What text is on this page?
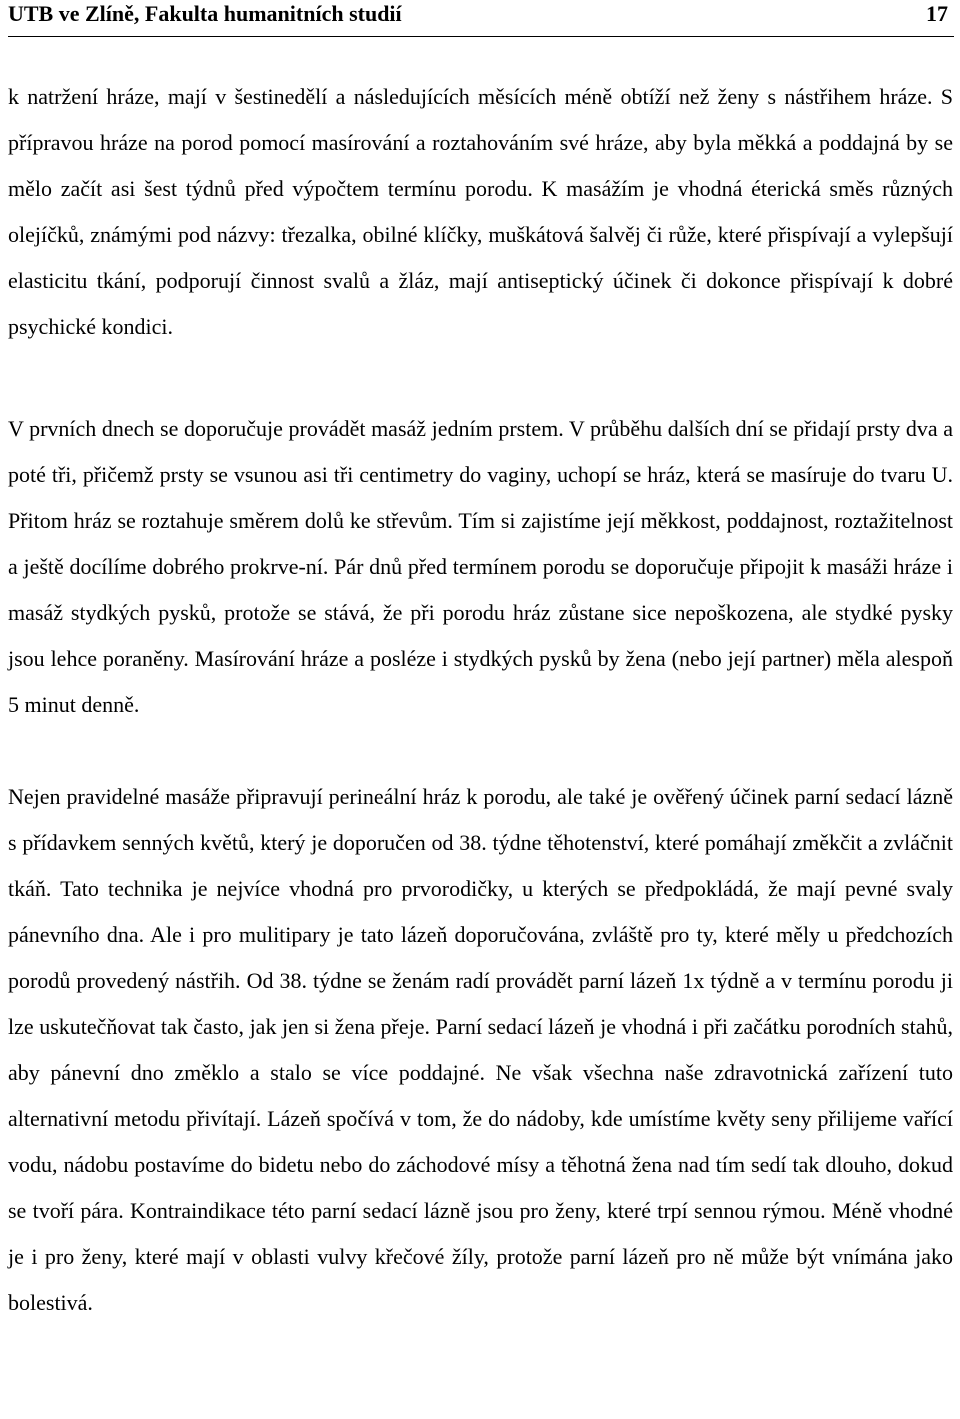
UTB ve Zlíně, Fakulta humanitních studií	17

k natržení hráze, mají v šestinedělí a následujících měsících méně obtíží než ženy s nástřihem hráze. S přípravou hráze na porod pomocí masírování a roztahováním své hráze, aby byla měkká a poddajná by se mělo začít asi šest týdnů před výpočtem termínu porodu. K masážím je vhodná éterická směs různých olejíčků, známými pod názvy: třezalka, obilné klíčky, muškátová šalvěj či růže, které přispívají a vylepšují elasticitu tkání, podporují činnost svalů a žláz, mají antiseptický účinek či dokonce přispívají k dobré psychické kondici.

V prvních dnech se doporučuje provádět masáž jedním prstem. V průběhu dalších dní se přidají prsty dva a poté tři, přičemž prsty se vsunou asi tři centimetry do vaginy, uchopí se hráz, která se masíruje do tvaru U. Přitom hráz se roztahuje směrem dolů ke střevům. Tím si zajistíme její měkkost, poddajnost, roztažitelnost a ještě docílíme dobrého prokrve-ní. Pár dnů před termínem porodu se doporučuje připojit k masáži hráze i masáž stydkých pysků, protože se stává, že při porodu hráz zůstane sice nepoškozena, ale stydké pysky jsou lehce poraněny. Masírování hráze a posléze i stydkých pysků by žena (nebo její partner) měla alespoň 5 minut denně.

Nejen pravidelné masáže připravují perineální hráz k porodu, ale také je ověřený účinek parní sedací lázně s přídavkem senných květů, který je doporučen od 38. týdne těhotenství, které pomáhají změkčit a zvláčnit tkáň. Tato technika je nejvíce vhodná pro prvorodičky, u kterých se předpokládá, že mají pevné svaly pánevního dna. Ale i pro mulitipary je tato lázeň doporučována, zvláště pro ty, které měly u předchozích porodů provedený nástřih. Od 38. týdne se ženám radí provádět parní lázeň 1x týdně a v termínu porodu ji lze uskutečňovat tak často, jak jen si žena přeje. Parní sedací lázeň je vhodná i při začátku porodních stahů, aby pánevní dno změklo a stalo se více poddajné. Ne však všechna naše zdravotnická zařízení tuto alternativní metodu přivítají. Lázeň spočívá v tom, že do nádoby, kde umístíme květy seny přilijeme vařící vodu, nádobu postavíme do bidetu nebo do záchodové mísy a těhotná žena nad tím sedí tak dlouho, dokud se tvoří pára. Kontraindikace této parní sedací lázně jsou pro ženy, které trpí sennou rýmou. Méně vhodné je i pro ženy, které mají v oblasti vulvy křečové žíly, protože parní lázeň pro ně může být vnímána jako bolestivá.
